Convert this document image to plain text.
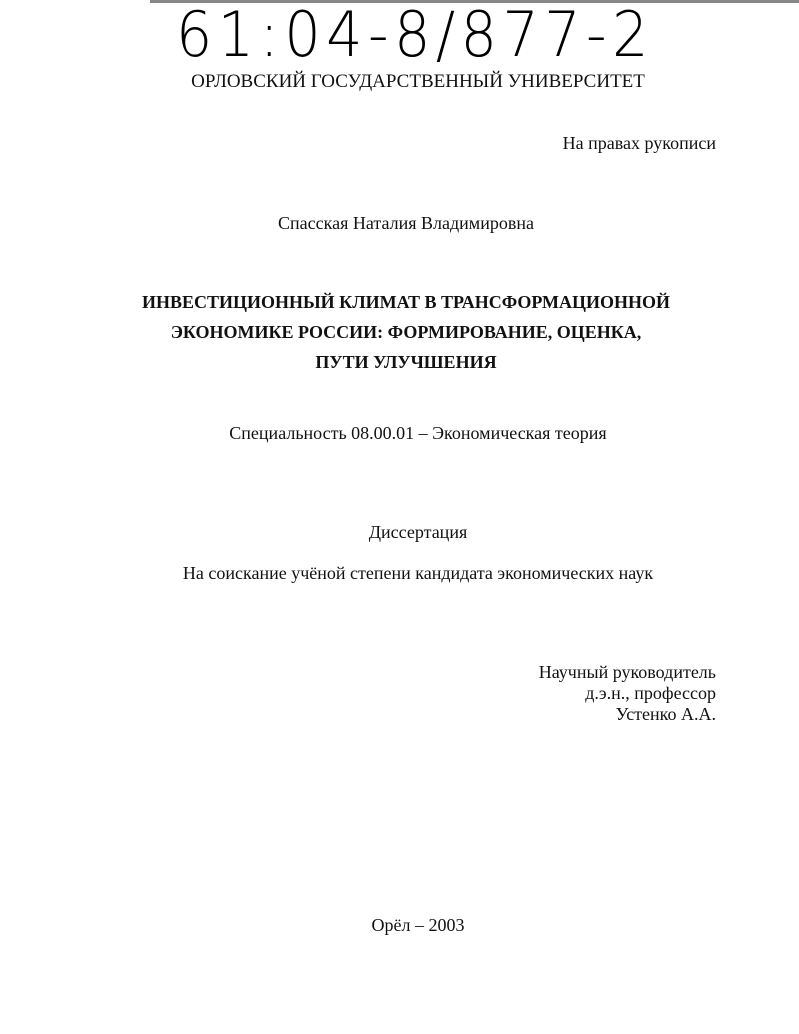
61:04-8/877-2
ОРЛОВСКИЙ ГОСУДАРСТВЕННЫЙ УНИВЕРСИТЕТ
На правах рукописи
Спасская Наталия Владимировна
ИНВЕСТИЦИОННЫЙ КЛИМАТ В ТРАНСФОРМАЦИОННОЙ
ЭКОНОМИКЕ РОССИИ: ФОРМИРОВАНИЕ, ОЦЕНКА,
ПУТИ УЛУЧШЕНИЯ
Специальность 08.00.01 – Экономическая теория
Диссертация
На соискание учёной степени кандидата экономических наук
Научный руководитель
д.э.н., профессор
Устенко А.А.
Орёл – 2003
